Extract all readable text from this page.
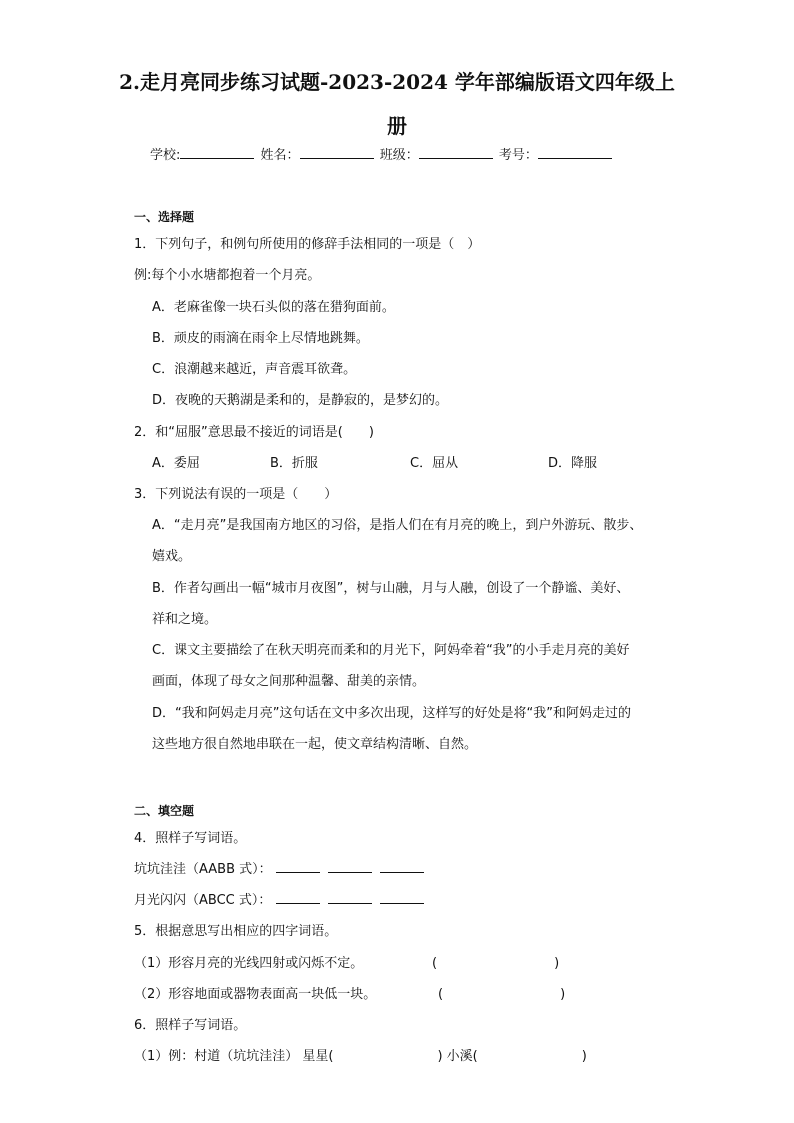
2.走月亮同步练习试题-2023-2024 学年部编版语文四年级上
册
学校:	姓名：	班级：	考号：
一、选择题
1．下列句子，和例句所使用的修辞手法相同的一项是（　）
例:每个小水塘都抱着一个月亮。
A．老麻雀像一块石头似的落在猎狗面前。
B．顽皮的雨滴在雨伞上尽情地跳舞。
C．浪潮越来越近，声音震耳欲聋。
D．夜晚的天鹅湖是柔和的，是静寂的，是梦幻的。
2．和“屈服”意思最不接近的词语是(　　)
A．委屈	B．折服	C．屈从	D．降服
3．下列说法有误的一项是（　　）
A．“走月亮”是我国南方地区的习俗，是指人们在有月亮的晚上，到户外游玩、散步、
嬉戏。
B．作者勾画出一幅“城市月夜图”，树与山融，月与人融，创设了一个静谧、美好、
祥和之境。
C．课文主要描绘了在秋天明亮而柔和的月光下，阿妈牵着“我”的小手走月亮的美好
画面，体现了母女之间那种温馨、甜美的亲情。
D．“我和阿妈走月亮”这句话在文中多次出现，这样写的好处是将“我”和阿妈走过的
这些地方很自然地串联在一起，使文章结构清晰、自然。
二、填空题
4．照样子写词语。
坑坑洼洼（AABB 式）：
月光闪闪（ABCC 式）：
5．根据意思写出相应的四字词语。
（1）形容月亮的光线四射或闪烁不定。	(　　　　　　　　　)
（2）形容地面或器物表面高一块低一块。	(　　　　　　　　　)
6．照样子写词语。
（1）例：村道（坑坑洼洼） 星星(　　　　　　　　) 小溪(　　　　　　　　)
